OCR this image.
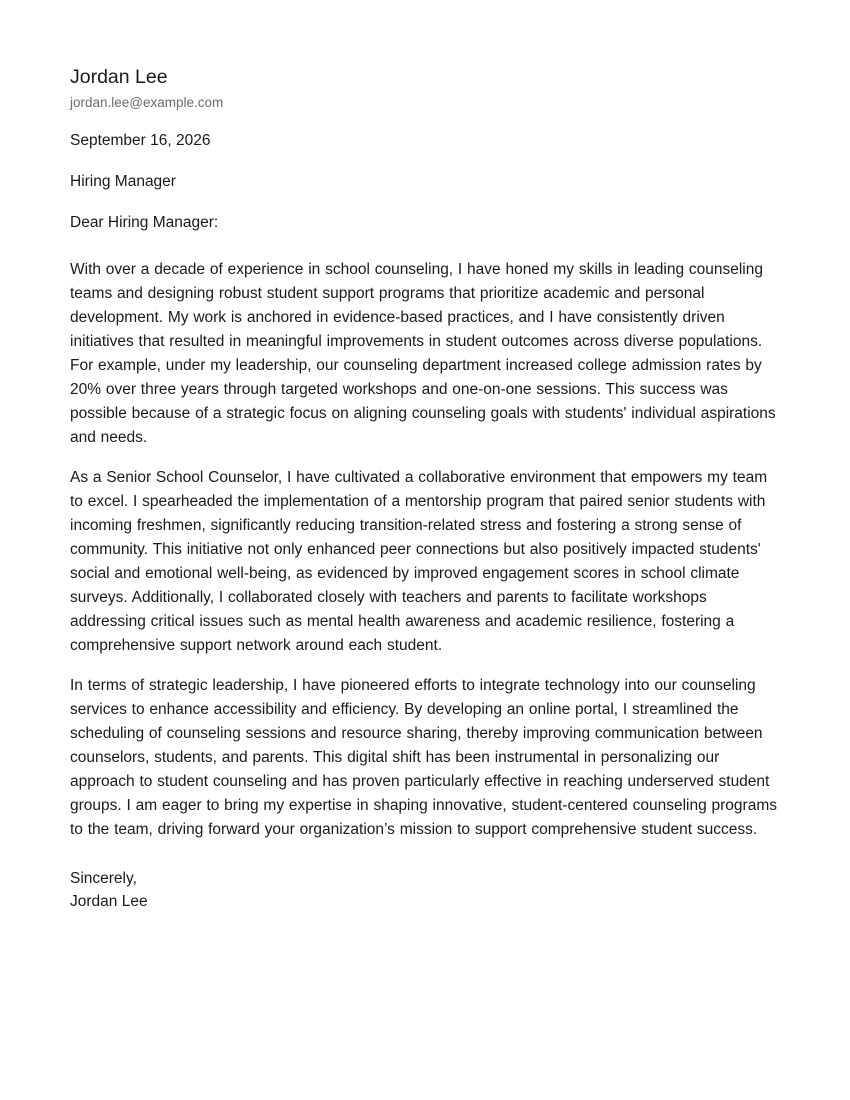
Jordan Lee
jordan.lee@example.com
September 16, 2026
Hiring Manager
Dear Hiring Manager:

With over a decade of experience in school counseling, I have honed my skills in leading counseling teams and designing robust student support programs that prioritize academic and personal development. My work is anchored in evidence-based practices, and I have consistently driven initiatives that resulted in meaningful improvements in student outcomes across diverse populations. For example, under my leadership, our counseling department increased college admission rates by 20% over three years through targeted workshops and one-on-one sessions. This success was possible because of a strategic focus on aligning counseling goals with students' individual aspirations and needs.

As a Senior School Counselor, I have cultivated a collaborative environment that empowers my team to excel. I spearheaded the implementation of a mentorship program that paired senior students with incoming freshmen, significantly reducing transition-related stress and fostering a strong sense of community. This initiative not only enhanced peer connections but also positively impacted students' social and emotional well-being, as evidenced by improved engagement scores in school climate surveys. Additionally, I collaborated closely with teachers and parents to facilitate workshops addressing critical issues such as mental health awareness and academic resilience, fostering a comprehensive support network around each student.

In terms of strategic leadership, I have pioneered efforts to integrate technology into our counseling services to enhance accessibility and efficiency. By developing an online portal, I streamlined the scheduling of counseling sessions and resource sharing, thereby improving communication between counselors, students, and parents. This digital shift has been instrumental in personalizing our approach to student counseling and has proven particularly effective in reaching underserved student groups. I am eager to bring my expertise in shaping innovative, student-centered counseling programs to the team, driving forward your organization’s mission to support comprehensive student success.

Sincerely,
Jordan Lee
